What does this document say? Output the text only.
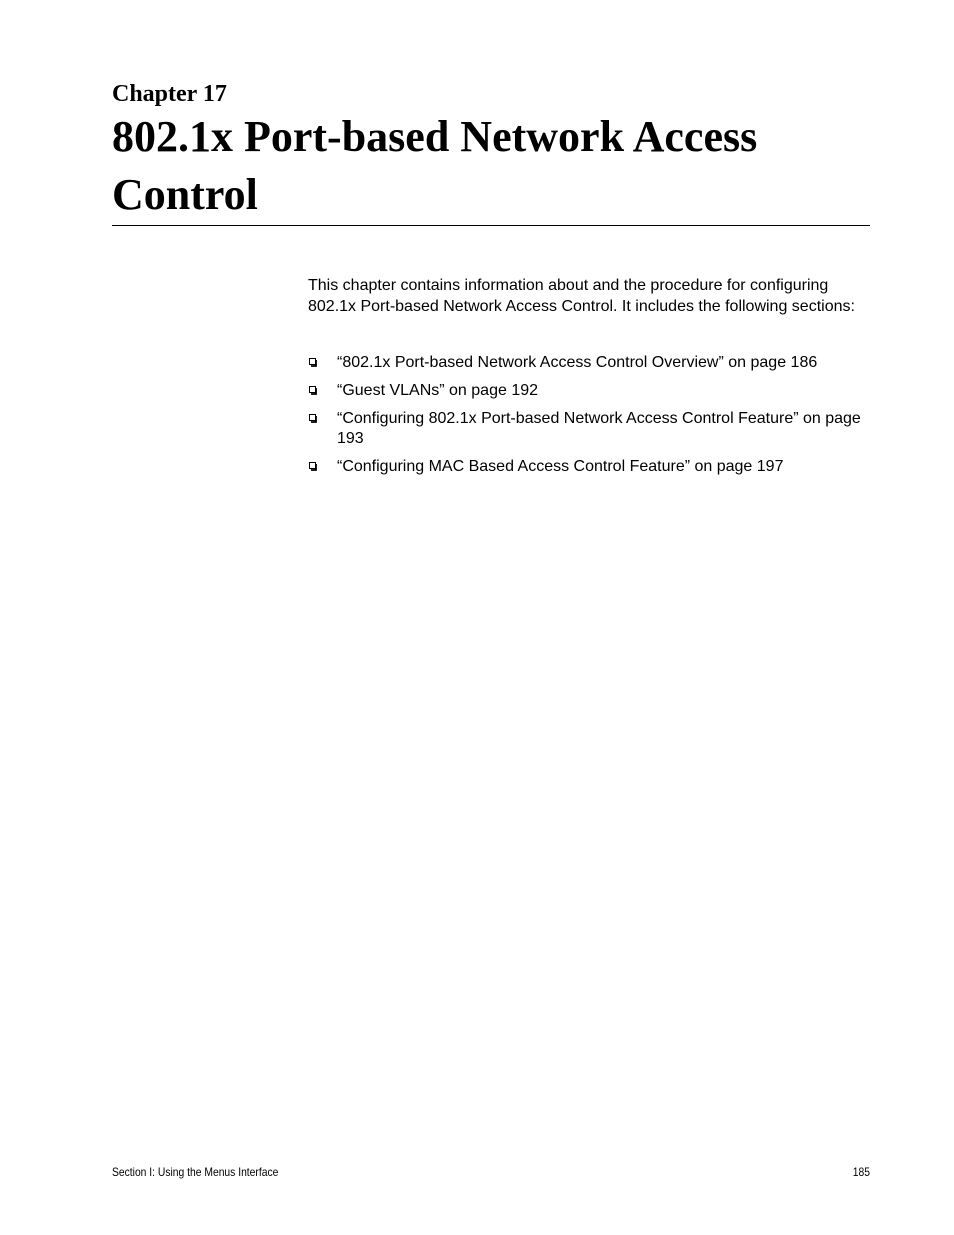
Chapter 17
802.1x Port-based Network Access Control

This chapter contains information about and the procedure for configuring 802.1x Port-based Network Access Control. It includes the following sections:

“802.1x Port-based Network Access Control Overview” on page 186
“Guest VLANs” on page 192
“Configuring 802.1x Port-based Network Access Control Feature” on page 193
“Configuring MAC Based Access Control Feature” on page 197
Section I: Using the Menus Interface	185
